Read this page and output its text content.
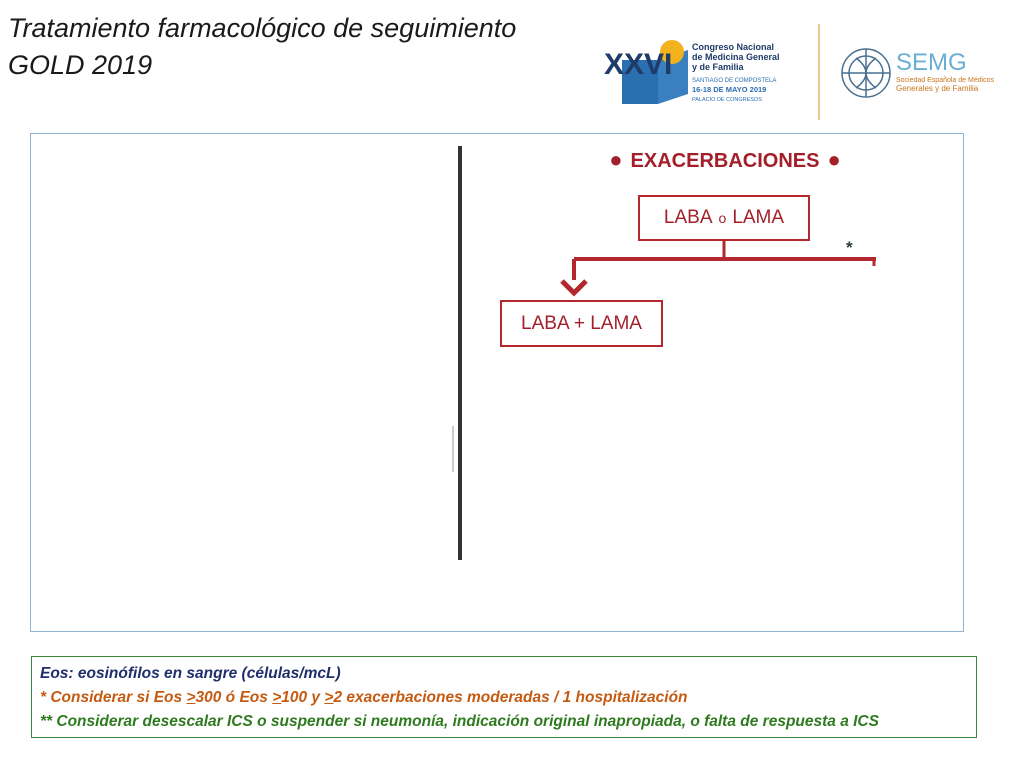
Tratamiento farmacológico de seguimiento
GOLD 2019	XXVI
Congreso Nacional
de Medicina General
y de Familia
SANTIAGO DE COMPOSTELA
16-18 DE MAYO 2019
PALACIO DE CONGRESOS
SEMG
Sociedad Española de Médicos
Generales y de Familia
● EXACERBACIONES ●
LABA o LAMA
*
LABA + LAMA
Eos: eosinófilos en sangre (células/mcL)
* Considerar si Eos >300 ó Eos >100 y >2 exacerbaciones moderadas / 1 hospitalización
** Considerar desescalar ICS o suspender si neumonía, indicación original inapropiada, o falta de respuesta a ICS
